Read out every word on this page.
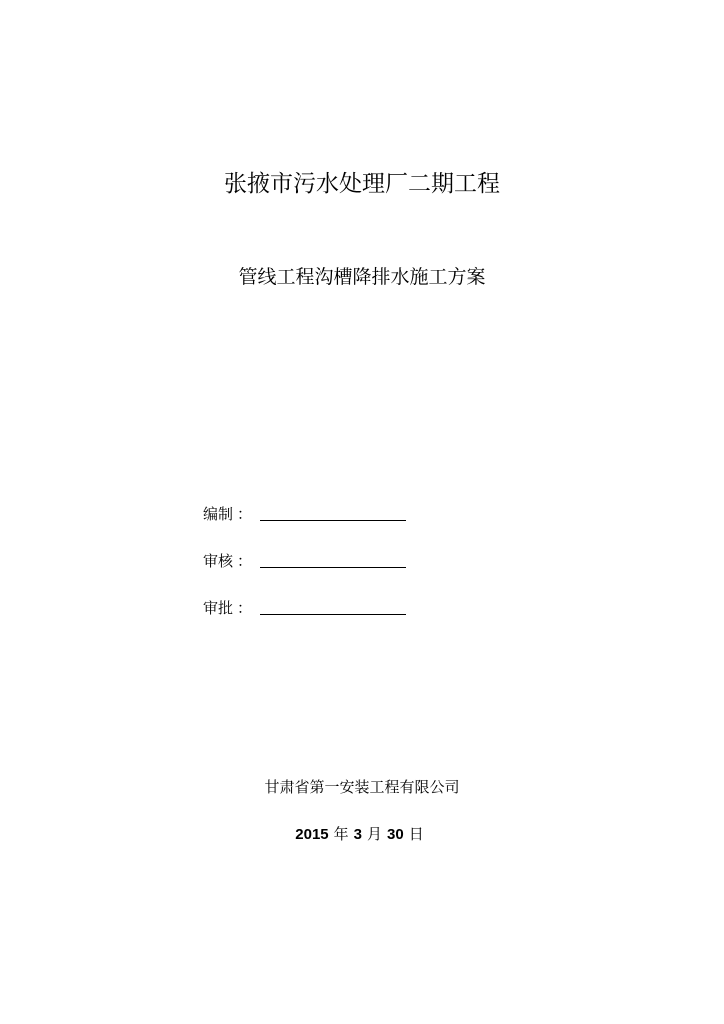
张掖市污水处理厂二期工程
管线工程沟槽降排水施工方案
编制 ：
审核 ：
审批 ：
甘肃省第一安装工程有限公司
2015 年 3 月 30 日
